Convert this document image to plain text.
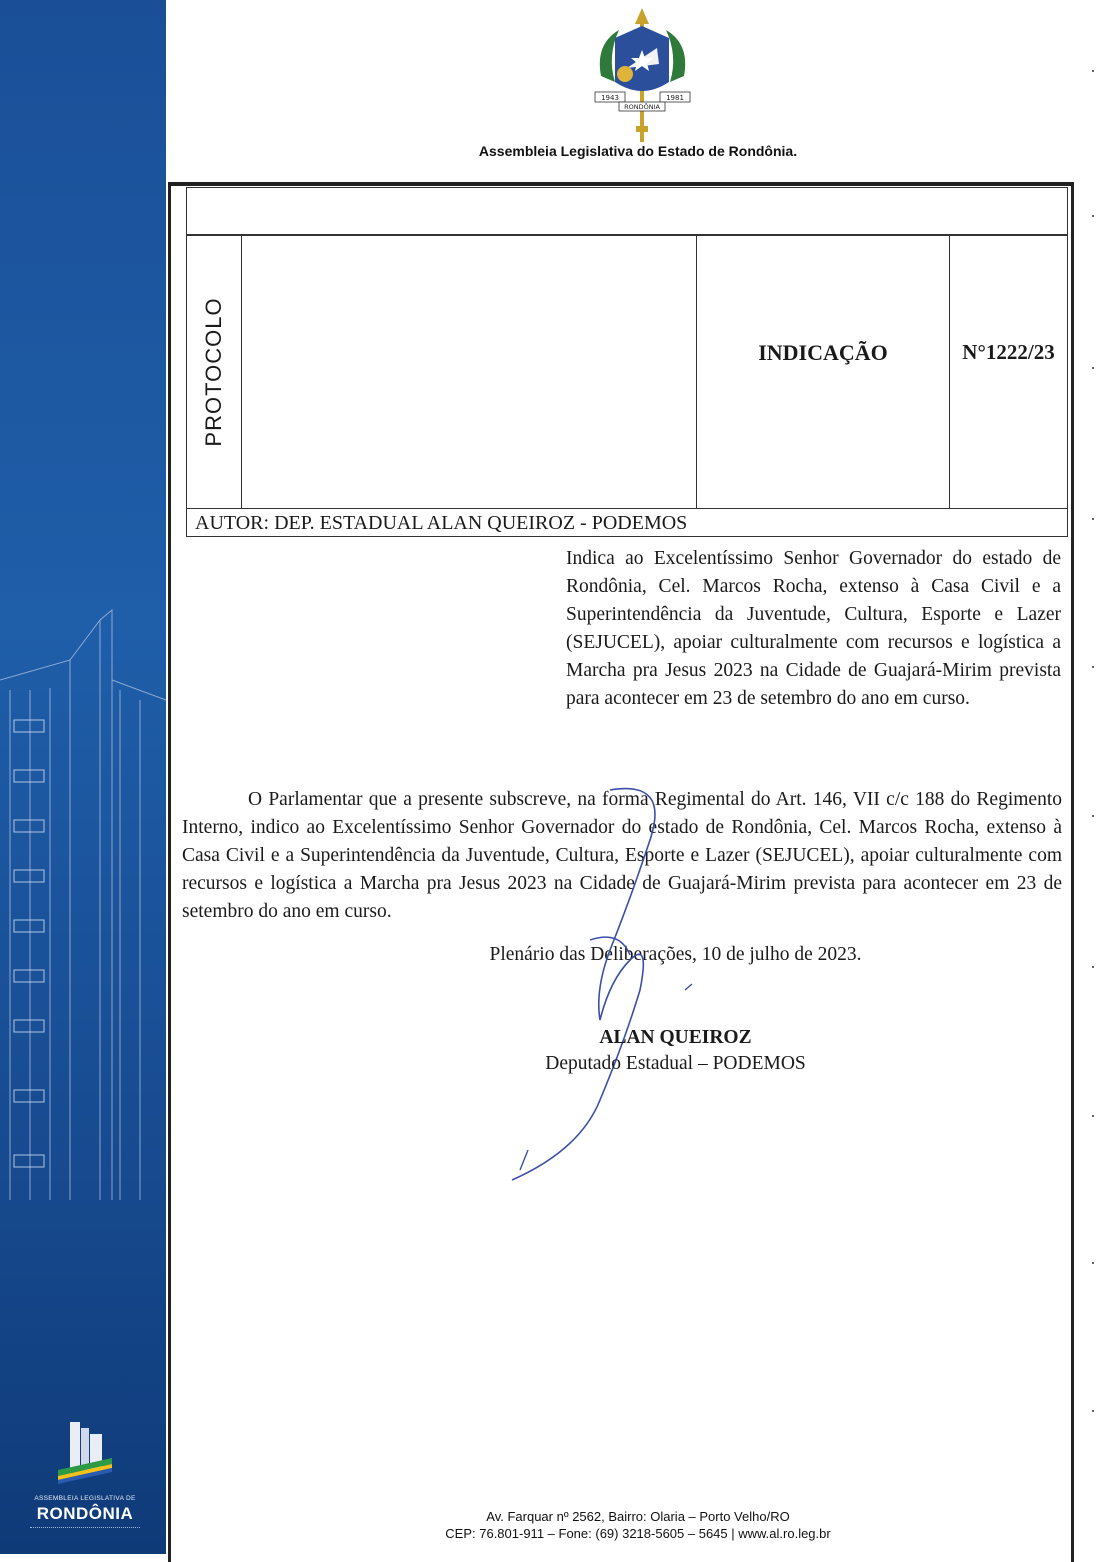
ASSEMBLEIA LEGISLATIVA DE
RONDÔNIA
1943	1981
RONDÔNIA
Assembleia Legislativa do Estado de Rondônia.
PROTOCOLO	INDICAÇÃO	N°1222/23
AUTOR: DEP. ESTADUAL ALAN QUEIROZ - PODEMOS
Indica ao Excelentíssimo Senhor Governador do estado de Rondônia, Cel. Marcos Rocha, extenso à Casa Civil e a Superintendência da Juventude, Cultura, Esporte e Lazer (SEJUCEL), apoiar culturalmente com recursos e logística a Marcha pra Jesus 2023 na Cidade de Guajará-Mirim prevista para acontecer em 23 de setembro do ano em curso.
O Parlamentar que a presente subscreve, na forma Regimental do Art. 146, VII c/c 188 do Regimento Interno, indico ao Excelentíssimo Senhor Governador do estado de Rondônia, Cel. Marcos Rocha, extenso à Casa Civil e a Superintendência da Juventude, Cultura, Esporte e Lazer (SEJUCEL), apoiar culturalmente com recursos e logística a Marcha pra Jesus 2023 na Cidade de Guajará-Mirim prevista para acontecer em 23 de setembro do ano em curso.
Plenário das Deliberações, 10 de julho de 2023.
ALAN QUEIROZ
Deputado Estadual – PODEMOS
Av. Farquar nº 2562, Bairro: Olaria – Porto Velho/RO
CEP: 76.801-911 – Fone: (69) 3218-5605 – 5645 | www.al.ro.leg.br
